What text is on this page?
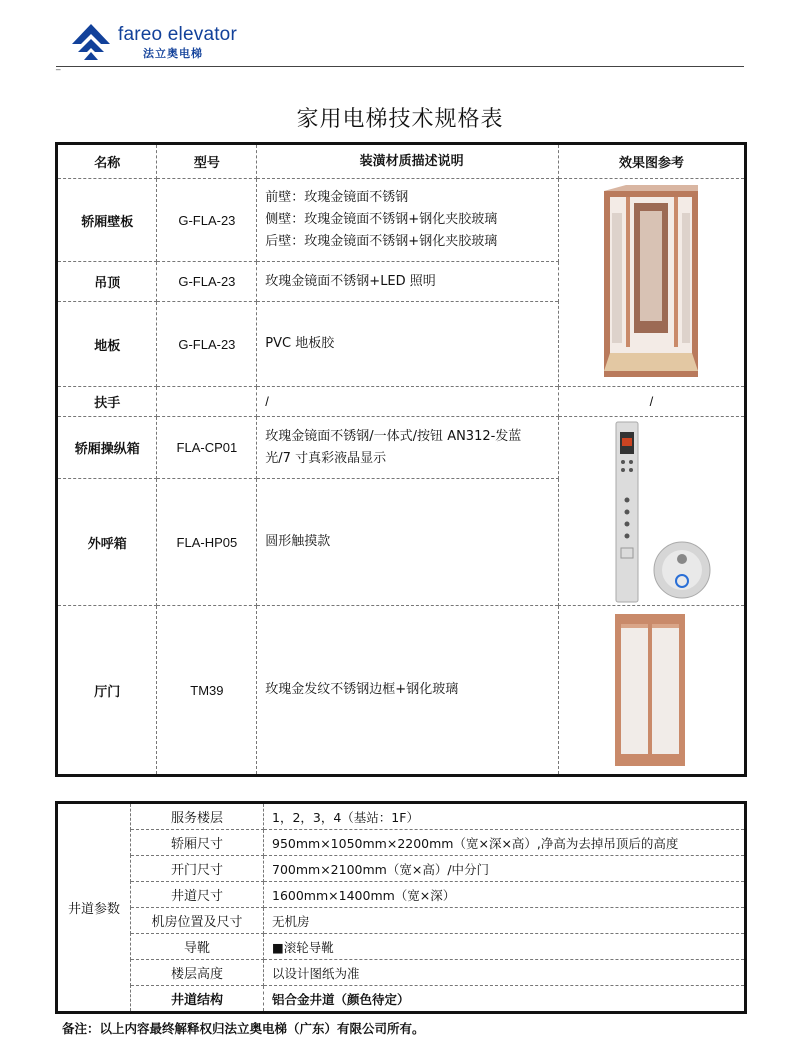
fareo elevator
法立奥电梯
家用电梯技术规格表
名称	型号	装潢材质描述说明	效果图参考
轿厢壁板	G-FLA-23	前壁：玫瑰金镜面不锈钢
侧壁：玫瑰金镜面不锈钢+钢化夹胶玻璃
后壁：玫瑰金镜面不锈钢+钢化夹胶玻璃

吊顶	G-FLA-23	玫瑰金镜面不锈钢+LED 照明	
地板	G-FLA-23	PVC 地板胶	
扶手		/	/
轿厢操纵箱	FLA-CP01	玫瑰金镜面不锈钢/一体式/按钮 AN312-发蓝
光/7 寸真彩液晶显示

外呼箱	FLA-HP05	圆形触摸款	
厅门	TM39	玫瑰金发纹不锈钢边框+钢化玻璃	
井道参数	服务楼层	1，2，3，4（基站：1F）
	轿厢尺寸	950mm×1050mm×2200mm（宽×深×高）,净高为去掉吊顶后的高度
	开门尺寸	700mm×2100mm（宽×高）/中分门
	井道尺寸	1600mm×1400mm（宽×深）
	机房位置及尺寸	无机房
	导靴	■滚轮导靴
	楼层高度	以设计图纸为准
	井道结构	铝合金井道（颜色待定）
备注：以上内容最终解释权归法立奥电梯（广东）有限公司所有。
